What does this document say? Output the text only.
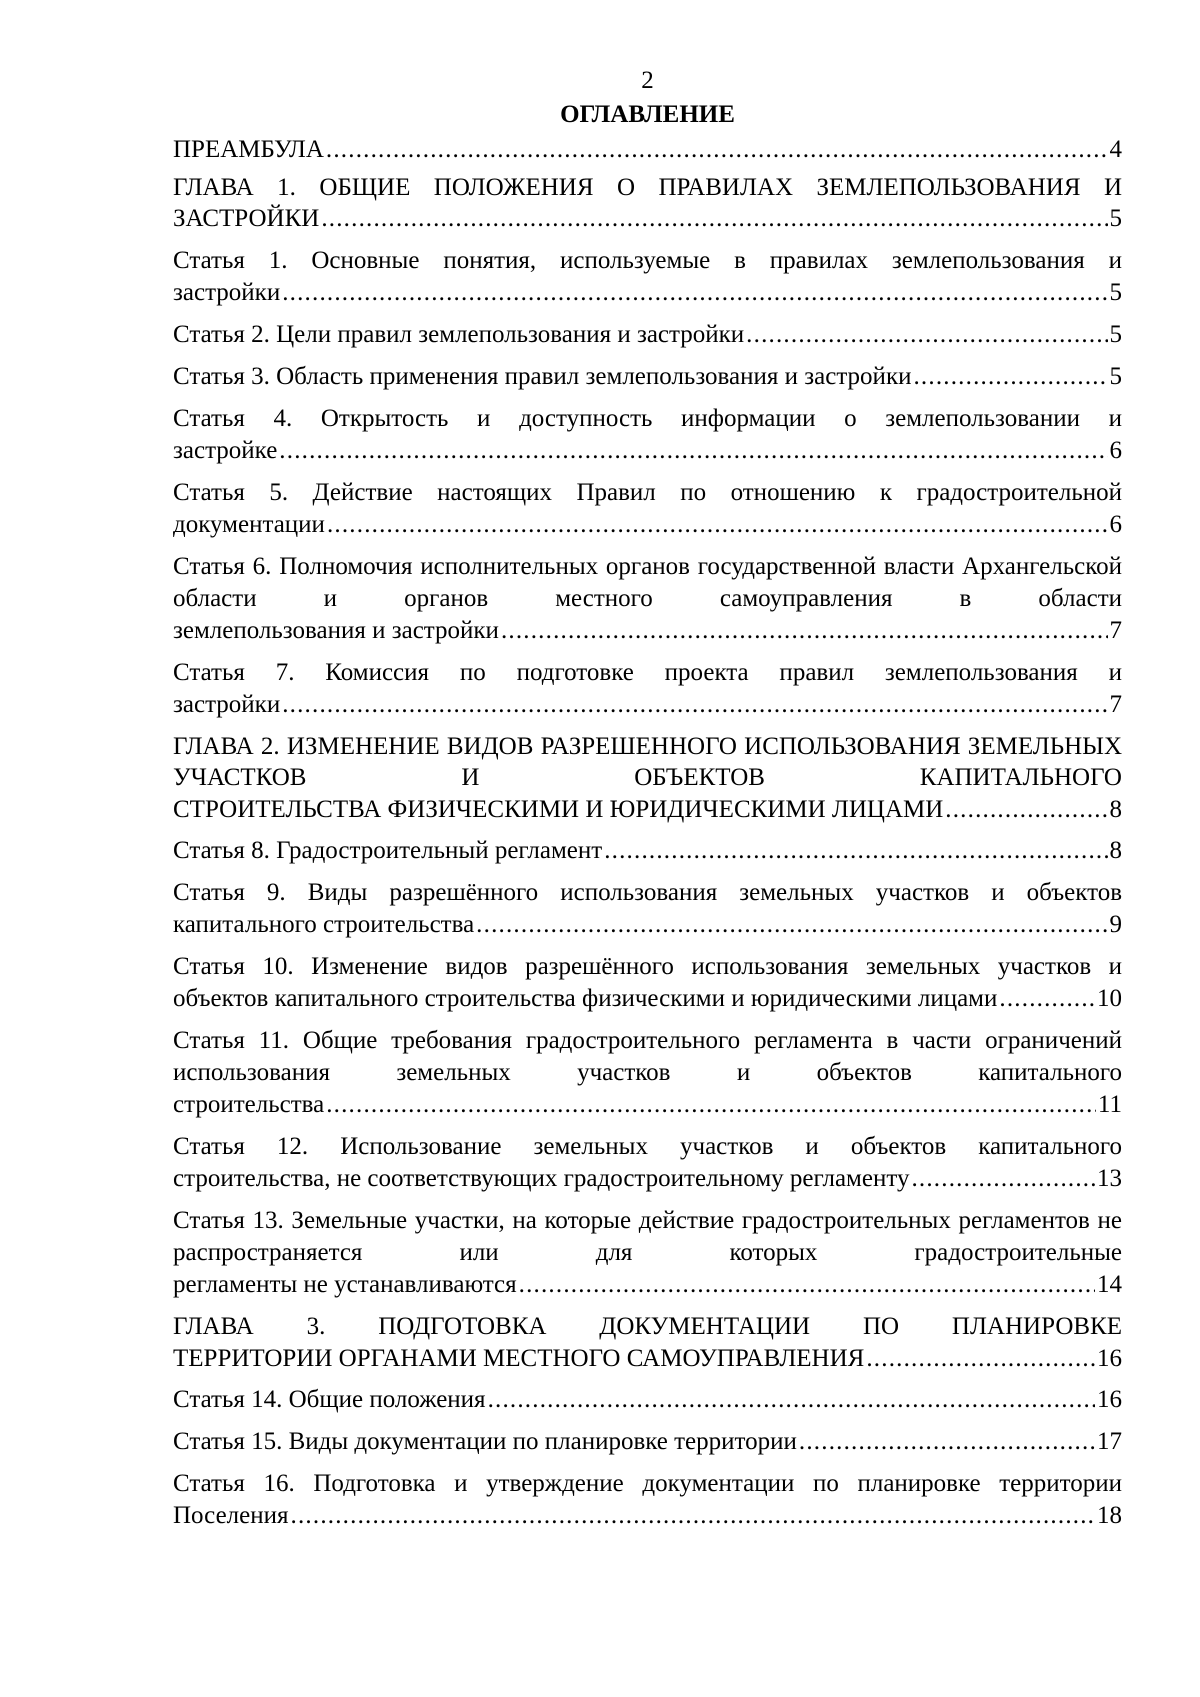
2

ОГЛАВЛЕНИЕ

ПРЕАМБУЛА .....	4
ГЛАВА 1. ОБЩИЕ ПОЛОЖЕНИЯ О ПРАВИЛАХ ЗЕМЛЕПОЛЬЗОВАНИЯ И
ЗАСТРОЙКИ .....	5
Статья 1. Основные понятия, используемые в правилах землепользования и
застройки .....	5
Статья 2. Цели правил землепользования и застройки .....	5
Статья 3. Область применения правил землепользования и застройки .....	5
Статья 4. Открытость и доступность информации о землепользовании и
застройке .....	6
Статья 5. Действие настоящих Правил по отношению к градостроительной
документации .....	6
Статья 6. Полномочия исполнительных органов государственной власти Архангельской области и органов местного самоуправления в области
землепользования и застройки .....	7
Статья 7. Комиссия по подготовке проекта правил землепользования и
застройки .....	7
ГЛАВА 2. ИЗМЕНЕНИЕ ВИДОВ РАЗРЕШЕННОГО ИСПОЛЬЗОВАНИЯ ЗЕМЕЛЬНЫХ УЧАСТКОВ И ОБЪЕКТОВ КАПИТАЛЬНОГО
СТРОИТЕЛЬСТВА ФИЗИЧЕСКИМИ И ЮРИДИЧЕСКИМИ ЛИЦАМИ .....	8
Статья 8. Градостроительный регламент .....	8
Статья 9. Виды разрешённого использования земельных участков и объектов
капитального строительства .....	9
Статья 10. Изменение видов разрешённого использования земельных участков и
объектов капитального строительства физическими и юридическими лицами .....	10
Статья 11. Общие требования градостроительного регламента в части ограничений использования земельных участков и объектов капитального
строительства .....	11
Статья 12. Использование земельных участков и объектов капитального
строительства, не соответствующих градостроительному регламенту .....	13
Статья 13. Земельные участки, на которые действие градостроительных регламентов не распространяется или для которых градостроительные
регламенты не устанавливаются .....	14
ГЛАВА 3. ПОДГОТОВКА ДОКУМЕНТАЦИИ ПО ПЛАНИРОВКЕ
ТЕРРИТОРИИ ОРГАНАМИ МЕСТНОГО САМОУПРАВЛЕНИЯ .....	16
Статья 14. Общие положения .....	16
Статья 15. Виды документации по планировке территории .....	17
Статья 16. Подготовка и утверждение документации по планировке территории
Поселения .....	18
